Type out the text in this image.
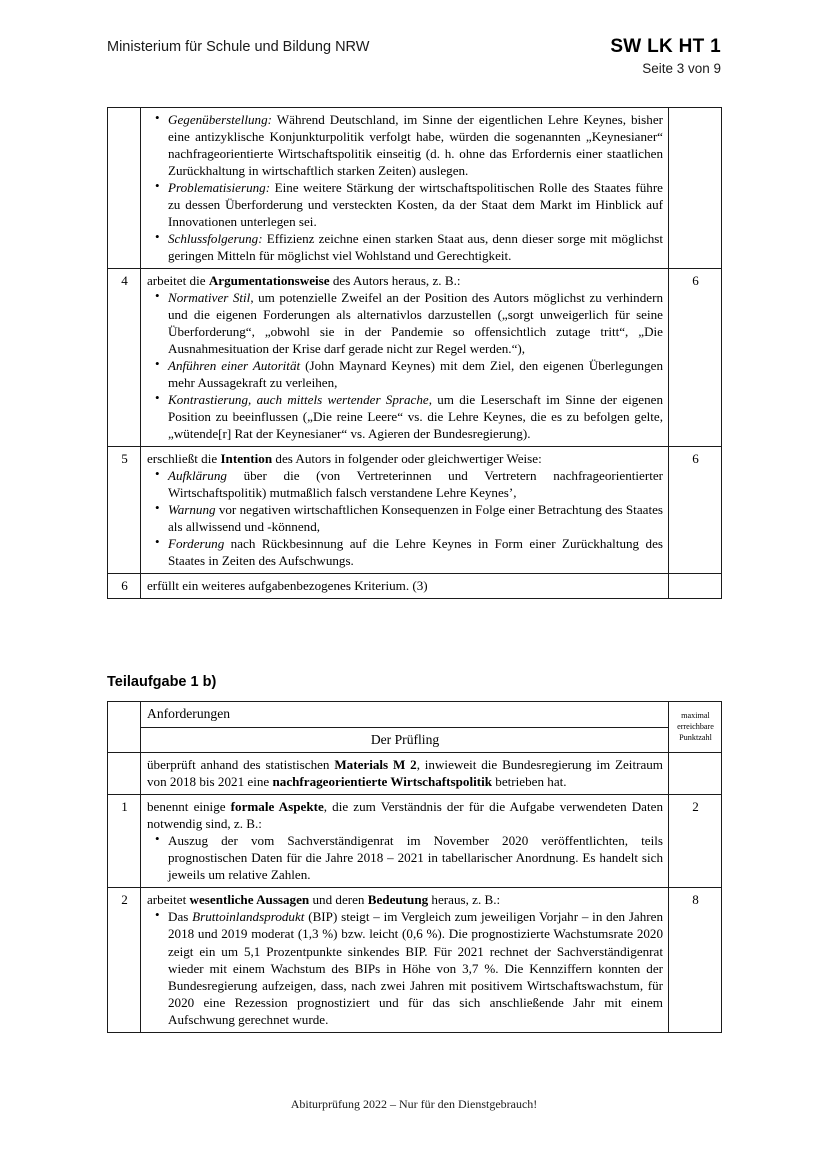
Ministerium für Schule und Bildung NRW	SW LK HT 1
Seite 3 von 9

• Gegenüberstellung: Während Deutschland, im Sinne der eigentlichen Lehre Keynes, bisher eine antizyklische Konjunkturpolitik verfolgt habe, würden die sogenannten „Keynesianer“ nachfrageorientierte Wirtschaftspolitik einseitig (d. h. ohne das Erfordernis einer staatlichen Zurückhaltung in wirtschaftlich starken Zeiten) auslegen.
• Problematisierung: Eine weitere Stärkung der wirtschaftspolitischen Rolle des Staates führe zu dessen Überforderung und versteckten Kosten, da der Staat dem Markt im Hinblick auf Innovationen unterlegen sei.
• Schlussfolgerung: Effizienz zeichne einen starken Staat aus, denn dieser sorge mit möglichst geringen Mitteln für möglichst viel Wohlstand und Gerechtigkeit.

4	arbeitet die Argumentationsweise des Autors heraus, z. B.:
• Normativer Stil, um potenzielle Zweifel an der Position des Autors möglichst zu verhindern und die eigenen Forderungen als alternativlos darzustellen („sorgt unweigerlich für seine Überforderung“, „obwohl sie in der Pandemie so offensichtlich zutage tritt“, „Die Ausnahmesituation der Krise darf gerade nicht zur Regel werden.“),
• Anführen einer Autorität (John Maynard Keynes) mit dem Ziel, den eigenen Überlegungen mehr Aussagekraft zu verleihen,
• Kontrastierung, auch mittels wertender Sprache, um die Leserschaft im Sinne der eigenen Position zu beeinflussen („Die reine Leere“ vs. die Lehre Keynes, die es zu befolgen gelte, „wütende[r] Rat der Keynesianer“ vs. Agieren der Bundesregierung).
	6
5	erschließt die Intention des Autors in folgender oder gleichwertiger Weise:
• Aufklärung über die (von Vertreterinnen und Vertretern nachfrageorientierter Wirtschaftspolitik) mutmaßlich falsch verstandene Lehre Keynes’,
• Warnung vor negativen wirtschaftlichen Konsequenzen in Folge einer Betrachtung des Staates als allwissend und -könnend,
• Forderung nach Rückbesinnung auf die Lehre Keynes in Form einer Zurückhaltung des Staates in Zeiten des Aufschwungs.
	6
6	erfüllt ein weiteres aufgabenbezogenes Kriterium. (3)	

Teilaufgabe 1 b)
	Anforderungen	maximal
erreichbare
Punktzahl
	Der Prüfling	

	überprüft anhand des statistischen Materials M 2, inwieweit die Bundesregierung im Zeitraum von 2018 bis 2021 eine nachfrageorientierte Wirtschaftspolitik betrieben hat.	

1	benennt einige formale Aspekte, die zum Verständnis der für die Aufgabe verwendeten Daten notwendig sind, z. B.:
• Auszug der vom Sachverständigenrat im November 2020 veröffentlichten, teils prognostischen Daten für die Jahre 2018 – 2021 in tabellarischer Anordnung. Es handelt sich jeweils um relative Zahlen.
	2
2	arbeitet wesentliche Aussagen und deren Bedeutung heraus, z. B.:
• Das Bruttoinlandsprodukt (BIP) steigt – im Vergleich zum jeweiligen Vorjahr – in den Jahren 2018 und 2019 moderat (1,3 %) bzw. leicht (0,6 %). Die prognostizierte Wachstumsrate 2020 zeigt ein um 5,1 Prozentpunkte sinkendes BIP. Für 2021 rechnet der Sachverständigenrat wieder mit einem Wachstum des BIPs in Höhe von 3,7 %. Die Kennziffern konnten der Bundesregierung aufzeigen, dass, nach zwei Jahren mit positivem Wirtschaftswachstum, für 2020 eine Rezession prognostiziert und für das sich anschließende Jahr mit einem Aufschwung gerechnet wurde.
	8
Abiturprüfung 2022 – Nur für den Dienstgebrauch!
